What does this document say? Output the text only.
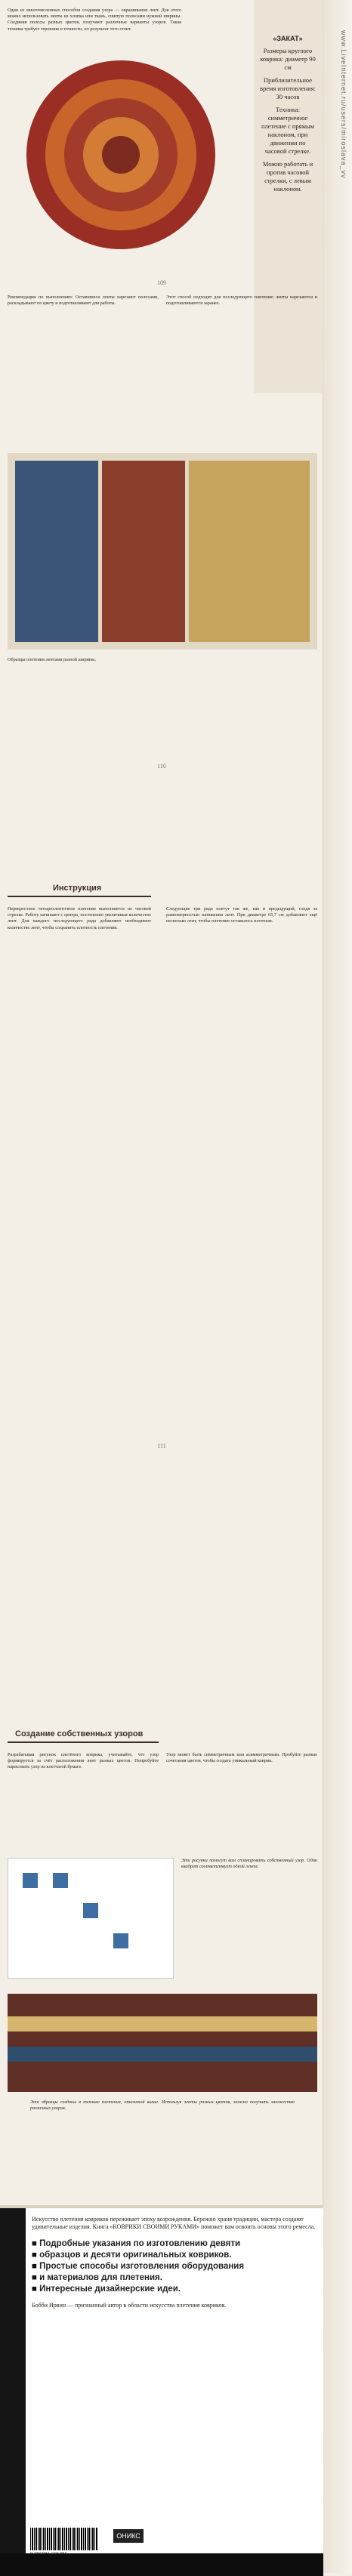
www.LiveInternet.ru/users/miroslava_vv
Один из многочисленных способов создания узора — окрашивание лент. Для этого можно использовать ленты из хлопка или ткань, сшитую полосами нужной ширины. Соединяя полосы разных цветов, получают различные варианты узоров. Такая техника требует терпения и точности, но результат того стоит.
«ЗАКАТ»

Размеры круглого коврика: диаметр 90 см

Приблизительное время изготовления: 30 часов

Техника: симметричное плетение с прямым наклоном, при движении по часовой стрелке.

Можно работать и против часовой стрелки, с левым наклоном.

109
Рекомендации по выполнению: Оставшиеся ленты нарезают полосами, раскладывают по цвету и подготавливают для работы.
Этот способ подходит для последующего плетения: ленты нарезаются и подготавливаются заранее.
Образцы плетения лентами разной ширины.
110
Инструкция
Перекрестное четырехленточное плетение выполняется по часовой стрелке. Работу начинают с центра, постепенно увеличивая количество лент. Для каждого последующего ряда добавляют необходимое количество лент, чтобы сохранить плотность плетения.
Следующие три ряда плетут так же, как и предыдущий, следя за равномерностью натяжения лент. При диаметре 65,7 см добавляют ещё несколько лент, чтобы плетение оставалось плотным.
111
Создание собственных узоров
Разрабатывая рисунок плетёного коврика, учитывайте, что узор формируется за счёт расположения лент разных цветов. Попробуйте нарисовать узор на клетчатой бумаге.
Узор может быть симметричным или асимметричным. Пробуйте разные сочетания цветов, чтобы создать уникальный коврик.
Эти рисунки помогут вам спланировать собственный узор. Один квадрат соответствует одной ленте.
Эти образцы созданы в технике плетения, описанной выше. Используя ленты разных цветов, можно получить множество различных узоров.
Искусство плетения ковриков переживает эпоху возрождения. Бережно храня традиции, мастера создают удивительные изделия. Книга «КОВРИКИ СВОИМИ РУКАМИ» поможет вам освоить основы этого ремесла.
■ Подробные указания по изготовлению девяти
■ образцов и десяти оригинальных ковриков.
■ Простые способы изготовления оборудования
■ и материалов для плетения.
■ Интересные дизайнерские идеи.
Бобби Ирвин — признанный автор в области искусства плетения ковриков.
ОНИКС
